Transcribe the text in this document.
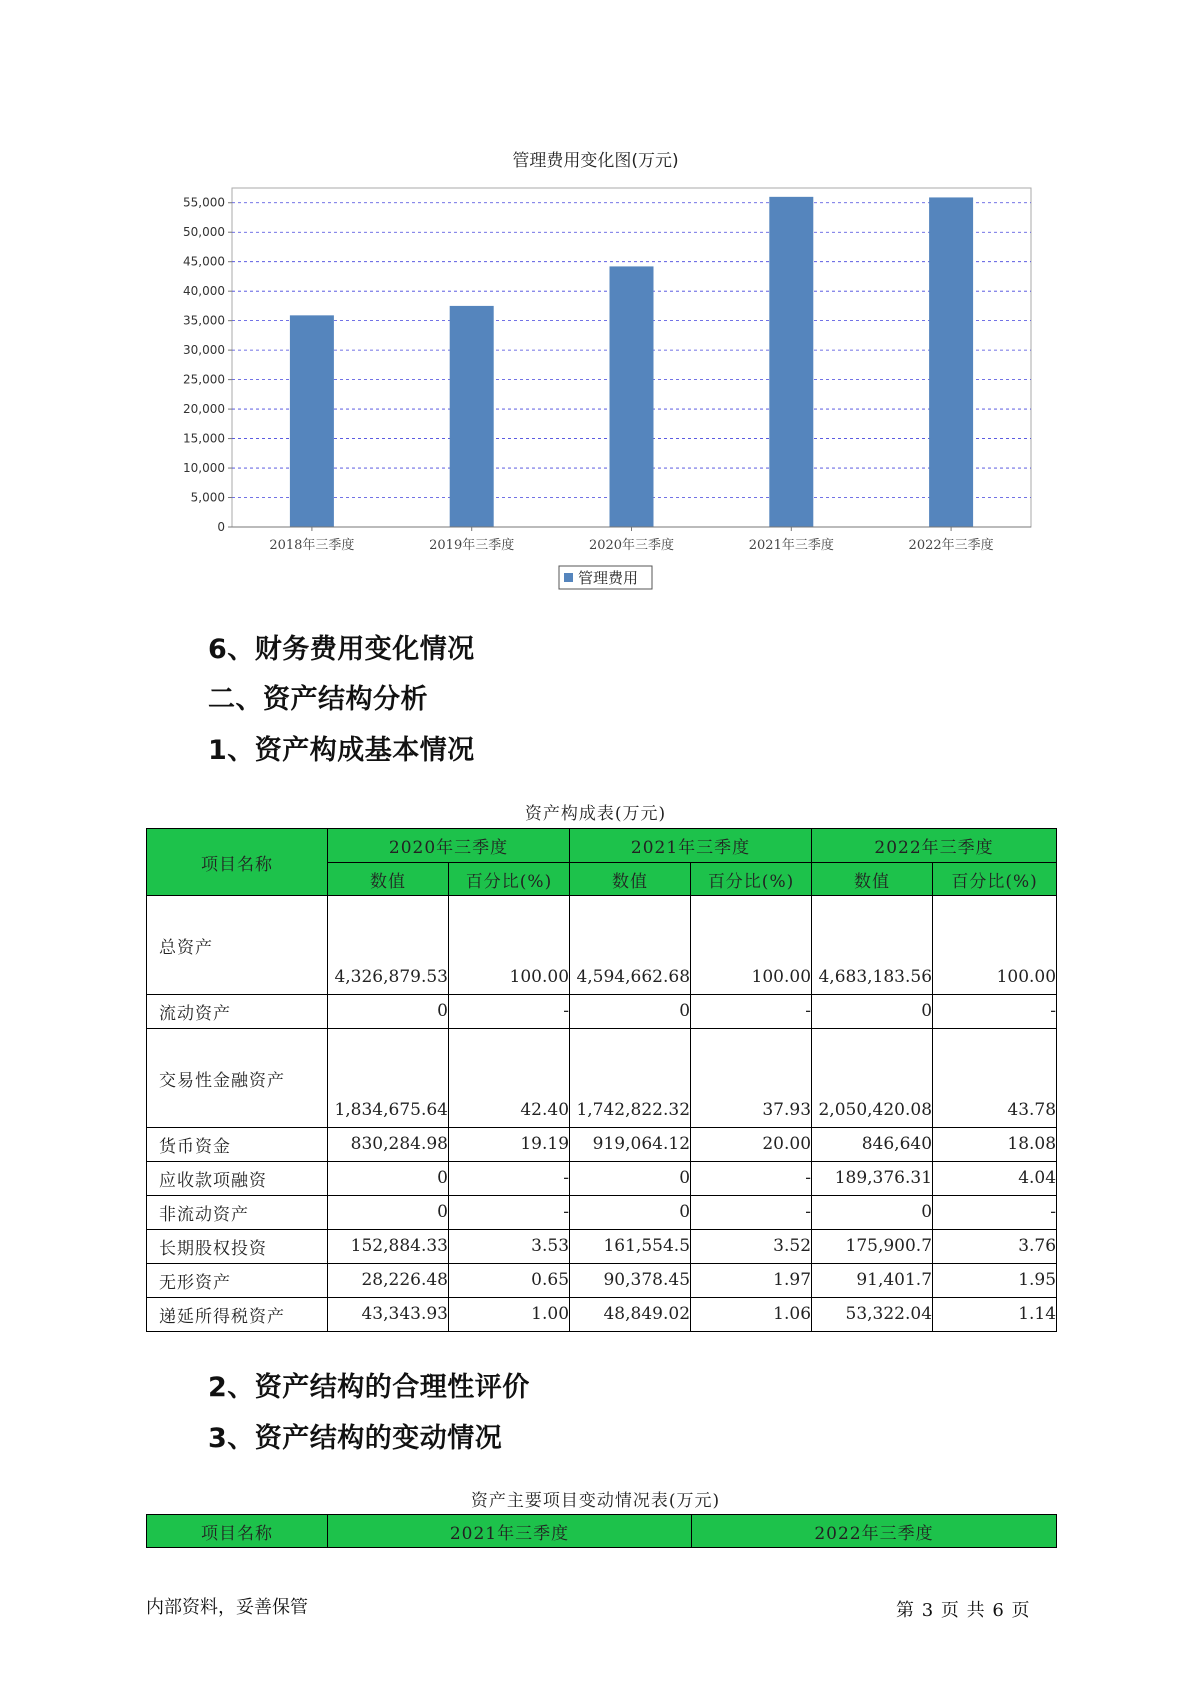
管理费用变化图(万元)
0
5,000
10,000
15,000
20,000
25,000
30,000
35,000
40,000
45,000
50,000
55,000
2018年三季度	2019年三季度	2020年三季度	2021年三季度	2022年三季度
管理费用
6、财务费用变化情况
二、资产结构分析
1、资产构成基本情况
资产构成表(万元)
项目名称	2020年三季度		2021年三季度		2022年三季度	
	数值	百分比(%)	数值	百分比(%)	数值	百分比(%)
总资产	4,326,879.53	100.00	4,594,662.68	100.00	4,683,183.56	100.00
流动资产	0	-	0	-	0	-
交易性金融资产	1,834,675.64	42.40	1,742,822.32	37.93	2,050,420.08	43.78
货币资金	830,284.98	19.19	919,064.12	20.00	846,640	18.08
应收款项融资	0	-	0	-	189,376.31	4.04
非流动资产	0	-	0	-	0	-
长期股权投资	152,884.33	3.53	161,554.5	3.52	175,900.7	3.76
无形资产	28,226.48	0.65	90,378.45	1.97	91,401.7	1.95
递延所得税资产	43,343.93	1.00	48,849.02	1.06	53,322.04	1.14
2、资产结构的合理性评价
3、资产结构的变动情况
资产主要项目变动情况表(万元)
项目名称	2021年三季度	2022年三季度
内部资料，妥善保管	第 3 页 共 6 页
